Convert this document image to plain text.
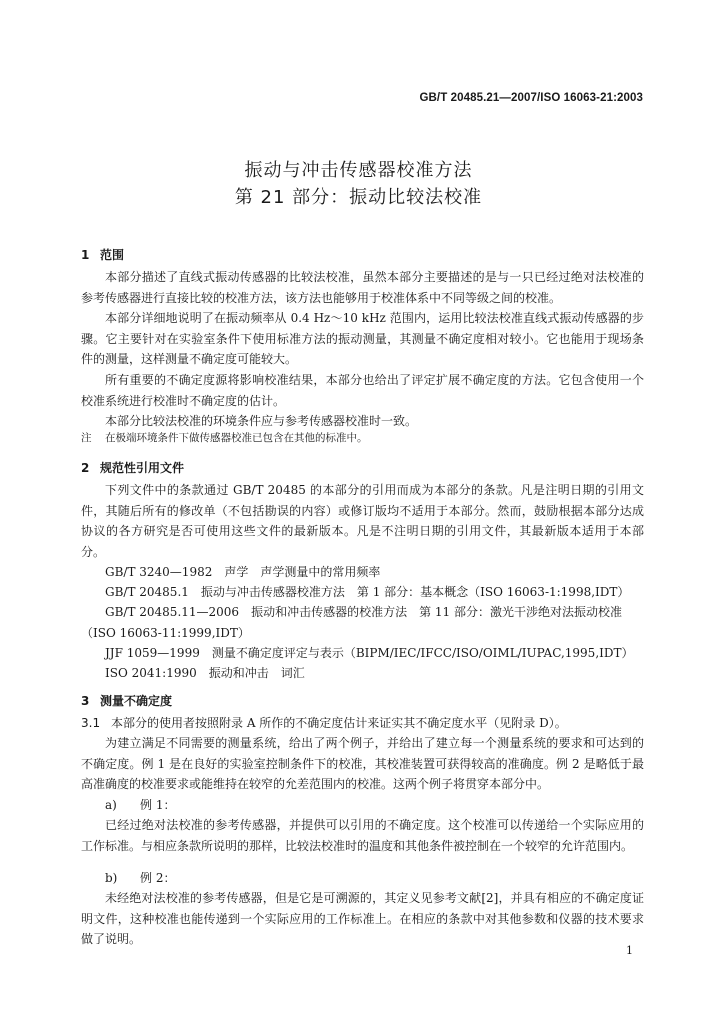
GB/T 20485.21—2007/ISO 16063-21:2003
振动与冲击传感器校准方法
第 21 部分：振动比较法校准
1 范围

本部分描述了直线式振动传感器的比较法校准，虽然本部分主要描述的是与一只已经过绝对法校准的参考传感器进行直接比较的校准方法，该方法也能够用于校准体系中不同等级之间的校准。

本部分详细地说明了在振动频率从 0.4 Hz～10 kHz 范围内，运用比较法校准直线式振动传感器的步骤。它主要针对在实验室条件下使用标准方法的振动测量，其测量不确定度相对较小。它也能用于现场条件的测量，这样测量不确定度可能较大。

所有重要的不确定度源将影响校准结果，本部分也给出了评定扩展不确定度的方法。它包含使用一个校准系统进行校准时不确定度的估计。

本部分比较法校准的环境条件应与参考传感器校准时一致。

注 在极端环境条件下做传感器校准已包含在其他的标准中。

2 规范性引用文件

下列文件中的条款通过 GB/T 20485 的本部分的引用而成为本部分的条款。凡是注明日期的引用文件，其随后所有的修改单（不包括勘误的内容）或修订版均不适用于本部分。然而，鼓励根据本部分达成协议的各方研究是否可使用这些文件的最新版本。凡是不注明日期的引用文件，其最新版本适用于本部分。

GB/T 3240—1982　声学　声学测量中的常用频率

GB/T 20485.1　振动与冲击传感器校准方法　第 1 部分：基本概念（ISO 16063-1:1998,IDT）

GB/T 20485.11—2006　振动和冲击传感器的校准方法　第 11 部分：激光干涉绝对法振动校准（ISO 16063-11:1999,IDT）

JJF 1059—1999　测量不确定度评定与表示（BIPM/IEC/IFCC/ISO/OIML/IUPAC,1995,IDT）

ISO 2041:1990　振动和冲击　词汇

3 测量不确定度

3.1 本部分的使用者按照附录 A 所作的不确定度估计来证实其不确定度水平（见附录 D）。

为建立满足不同需要的测量系统，给出了两个例子，并给出了建立每一个测量系统的要求和可达到的不确定度。例 1 是在良好的实验室控制条件下的校准，其校准装置可获得较高的准确度。例 2 是略低于最高准确度的校准要求或能维持在较窄的允差范围内的校准。这两个例子将贯穿本部分中。

a) 例 1：

已经过绝对法校准的参考传感器，并提供可以引用的不确定度。这个校准可以传递给一个实际应用的工作标准。与相应条款所说明的那样，比较法校准时的温度和其他条件被控制在一个较窄的允许范围内。

b) 例 2：

未经绝对法校准的参考传感器，但是它是可溯源的，其定义见参考文献[2]，并具有相应的不确定度证明文件，这种校准也能传递到一个实际应用的工作标准上。在相应的条款中对其他参数和仪器的技术要求做了说明。

1
